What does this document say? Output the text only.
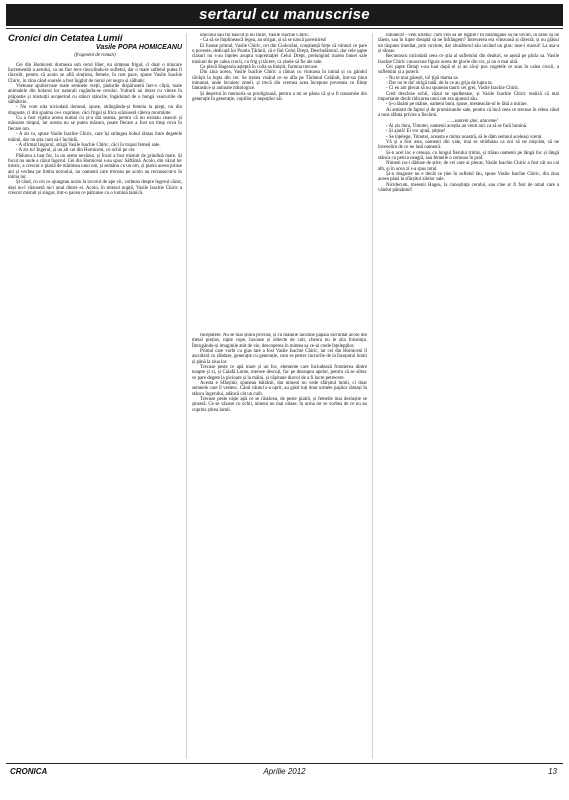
sertarul cu manuscrise
Cronici din Cetatea Lumii
Vasile POPA HOMICEANU
(fragment de roman)

Cei din Homiceni dormeau sub cerul liber, nu simțeau frigul, ci doar o mișcare încremenită a aerului, ca un fior rece răscolindu-le sufletul, dar o mare sufletul putea fi răscolit, pentru că acolo se află simțirea, femeie, în rost pace, spune Vasile Isachie Chiric, în zina când soarele a fost înjghit de norul cel negru și sălbatic.

Vietnase spuliervase toate semnele vieții, pădurile dispăruseră într-o clipă, toate animalele din hotarul lor naturali rugându-se cerului. Vulturii au intrat cu viteze în prăpastie și mistuiții acoperind cu stânci stâncile, îngăduind de o bungă veacuriile de sălbăticie.

- Nu vom uita niciodată domnul, spuse, strângându-și femeia la piept, nu din dragoste, ci din spaima ce-i cuprinse, căci frigul și frica scăzuseră câteva morminte.

Cu a fost vijelia aceea numai cu și-a dat seama, pentru că nu existau ceasuri și măsoare timpul, iar acesta nu se putea măsura, poate fiecare a fost un timp ceva în fiecare om.

- A zis tu, spuse Vasile Isachie Chiric, care își strângea bobul rămas între degetele mâinii, dar nu știa cum să-l închidă.

- A sfirmat lingurul, strigă Vasile Isachie Chiric, căci în trupul femeii sale.

- A zis tu! Ingerul, și un alt cei din Homiceni, cu ochii pe cer.

Pădurea a luat foc, la un semn nevăzut, și focul a fost mistuit de grindină mare. Și focul nu unde a căzut îngerul. Cei din Homiceni s-au spus: Săftămâ. Acolo, din văzul lor mistic, a crescut o piatră de mărimea unui om, și semănu cu un om, și piatra aceea prinse ani și vechea pe limba noroului, iar oamenii care treceau pe acolo au recunoscut-o în inima lor.

Și când, cu cei ce ajungeau acolo la izvorul de ape vii, vorbeau despre îngerul căzut, deși nu-l văzuseră nici unul dintre ei. Acolo, în miezul nopții, Vasile Isachie Chiric a crescut mistuit și singur, într-o pacea ce pătrunse cu o lumină tainică.

unicului său fiu născut și nu făcut, Vasile Isachie Chiric.

- Ca să se împlinească legea, au strigat, și să se nască pavestirea!

Ei fusese primul, Vasile Chiric, cel din Ciohorăni, conștiență forțe că vânturi ce pare o poveste, dedicată lui Poarta Țărănii, că e fiul Celui Drept, Deschelătorul, dar cele șapte clasuri nu s-au înțeles asupra supremației Celui Drept, prelungind marea bunei sale misiuni de pe calea crucii, cu frig și tăcere, ca zisele să fie ale sale.

Ce plecă Hagearia așteptă în colia sa liniștit, furtuna trecuse.

Din zina aceea, Vasile Isachie Chiric a rămas cu vintoasa în inimă și cu gândul răvășit la lupta din cer. Se trezea visând ce se afla pe Tărâmul Celălalt, într-un ținut minunat, unde locuiesc zmeii, și trecă din vremea acea începuse povestea cu ființe fantastice și animale mitologice.

Și deșertul în memoria sa prodigioasă, pentru a mi se părea că și-a fi transmise din generație în generație, copiilor și nepoților săi.

Începutele. Nu se mai știura privind, și cu mâinile lăcomie păpăia încruntat acolo din metal prețios, nipte cupe, luxoase și obiecte de cult, cheora nu le știa folosința. Îmrugându-și imaginile atât de vie, descoperea în mintea sa ce-ai crede înțelepților.

Primul care vorbi cu glas tare a fost Vasile Isachie Chiric, iar cei din Homiceni îl ascultară cu răbdare, generație cu generație, cum se petrec lucrurile de la începutul lumii și până la ziua lor.

Trecuse peste ce apă mare și un foc, elemente care înciudează frontierea dintre noapte și zi, și Calafă Lume, mersee descuți, fac pe deasupra apelor, pentru că se silesc ce pare degete la picioare și la mâini, și căpitane diavol de a fi lucre petrecere.

Acesta e Sfârșitul, spuneau bătrânii, dar nimeni nu vede sfârșitul lumii, ci doar semnele care îl vestesc. Când vântul s-a oprit, au găsit toți doar urmele pașilor rămași în stânca îngerului, adâncă cât un cuib.

Trecuse peste niște apă ce se răstăcea, de peste piatră, și femeile mai deslușite se șinseră. Ce se văzuse cu ochii, nimeni nu mai uitase; în urma lor se vorbea de ce nu au cuprins știrea lumii.

întunecat - veni urletul: cum vrei să ne lupțim? În buzdugane să ne lovim, în săbii să ne tăiem, sau în lupte dreaptă să ne înfrângem? Întrecerea era vitezoasă și directă, și nu glăsui un răspuns imediat, prin cuvinte, dar zburătorul său urcând un glas: tuse-i maxul! La asa-a și rămas.

Recunoscu niciodată ceea ce știa al sufletului din dealuri, se așeză pe pâcla sa. Vasile Isachie Chiric cunoscuse figura aceea de glorie din vis, și nu o mai uită.

Cei șapte fârtați s-au luat după el și au să-și pus cugetele ce stau în calea crucii, a sufletului și a puterii.

- Nu te mai găsești, tu! țipă mama sa.

- Dar nu te du! strigă tatăl, de la ce au grija de lupta ta.

- Ci eu am plecat să nu spuneau taurii cei grei, Vasile Isachie Chiric.

Cred deschise ochii, văzul se spulberase, și Vasile Isachie Chiric realiză că mai importante decât ridicarea unui om era ajunsul său.

- Ș-o lăsăm pe mâine, oameni buni, spuse, mesteacăn-ul le lăsă a mirare.

Ai amintit de faptul și de promisiunile sale, pentru că încă ceea ce trecuse în rebus când a tuns sfânta privire a fiecărui.

......suntem șine, ataceme!

- Ai zis dura, Timotei, oamenii aceștia au venit aici ca să se facă lumină.

- Și ajută! Ei vor ajută, știține!

- Se înțelege, Timotei, aceasta e mima noastră, să le dăm semnul aceleași vremi.

Vă și a fost asta, oamenii din vale, mai se străduiau ca noi să ne mișcăm, să ne înveselim de ce ne lasă oamenii.

Și-n acel loc e cenușa, cu lungul fierului trimis, și trăiau oamenii pe lângă foc și lângă stânca cu petica neagră, sau femeile o cerneau în praf.

Nimeni nu-i dăduse de știre, de cei care ai plecat, Vasile Isachie Chiric a fost cât un cal alb, și în acea zi s-a spus totul.

Și-n dragoste nu e decât ce ține în sufletul tău, spuse Vasile Isachie Chiric, din ziua aceea până la sfârșitul zilelor sale.

Nicidecum, mesenii Hagea, la cunoștința cerului, sau cine ar fi fost de omul care a vândut pământul!

CRONICA	Aprilie 2012	13
